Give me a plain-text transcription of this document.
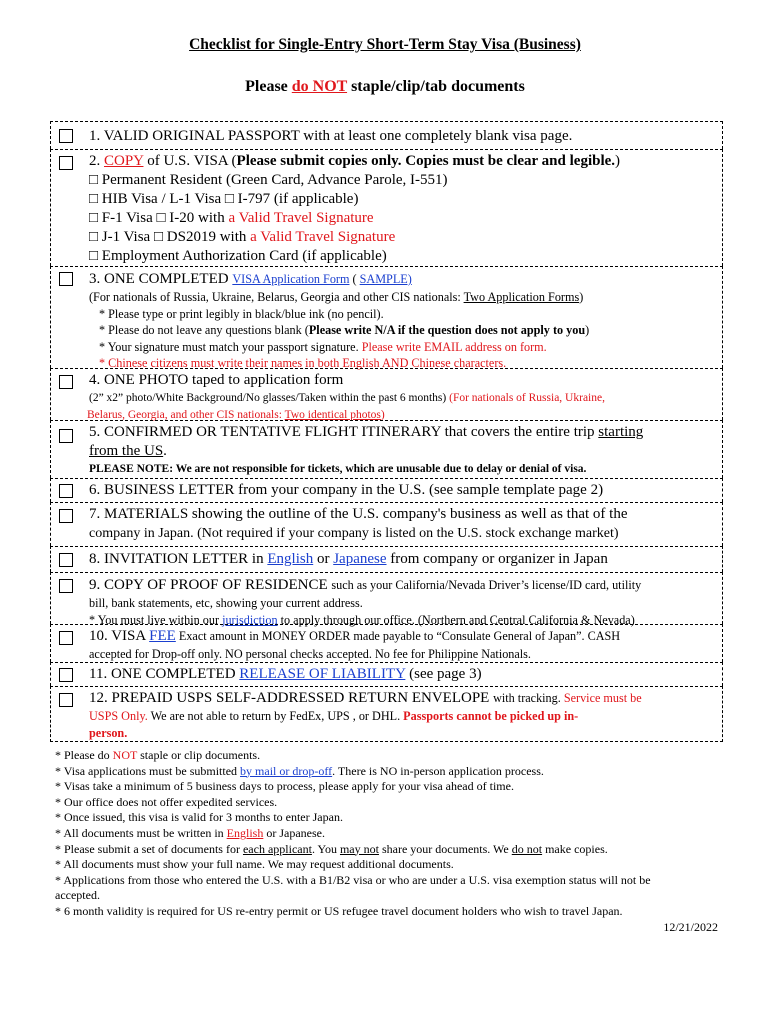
Checklist for Single-Entry Short-Term Stay Visa (Business)
Please do NOT staple/clip/tab documents
1. VALID ORIGINAL PASSPORT with at least one completely blank visa page.
2. COPY of U.S. VISA (Please submit copies only. Copies must be clear and legible.)
□ Permanent Resident (Green Card, Advance Parole, I-551)
□ HIB Visa / L-1 Visa □ I-797 (if applicable)
□ F-1 Visa □ I-20 with a Valid Travel Signature
□ J-1 Visa □ DS2019 with a Valid Travel Signature
□ Employment Authorization Card (if applicable)
3. ONE COMPLETED VISA Application Form ( SAMPLE)
(For nationals of Russia, Ukraine, Belarus, Georgia and other CIS nationals: Two Application Forms)
* Please type or print legibly in black/blue ink (no pencil).
* Please do not leave any questions blank (Please write N/A if the question does not apply to you)
* Your signature must match your passport signature. Please write EMAIL address on form.
* Chinese citizens must write their names in both English AND Chinese characters.
4. ONE PHOTO taped to application form
(2” x2” photo/White Background/No glasses/Taken within the past 6 months) (For nationals of Russia, Ukraine,
Belarus, Georgia, and other CIS nationals: Two identical photos)
5. CONFIRMED OR TENTATIVE FLIGHT ITINERARY that covers the entire trip starting
from the US.
PLEASE NOTE: We are not responsible for tickets, which are unusable due to delay or denial of visa.
6. BUSINESS LETTER from your company in the U.S. (see sample template page 2)
7. MATERIALS showing the outline of the U.S. company's business as well as that of the
company in Japan. (Not required if your company is listed on the U.S. stock exchange market)
8. INVITATION LETTER in English or Japanese from company or organizer in Japan
9. COPY OF PROOF OF RESIDENCE such as your California/Nevada Driver’s license/ID card, utility
bill, bank statements, etc, showing your current address.
* You must live within our jurisdiction to apply through our office. (Northern and Central California & Nevada)
10. VISA FEE Exact amount in MONEY ORDER made payable to “Consulate General of Japan”. CASH
accepted for Drop-off only. NO personal checks accepted. No fee for Philippine Nationals.
11. ONE COMPLETED RELEASE OF LIABILITY (see page 3)
12. PREPAID USPS SELF-ADDRESSED RETURN ENVELOPE with tracking. Service must be
USPS Only. We are not able to return by FedEx, UPS , or DHL. Passports cannot be picked up in-
person.
* Please do NOT staple or clip documents.
* Visa applications must be submitted by mail or drop-off. There is NO in-person application process.
* Visas take a minimum of 5 business days to process, please apply for your visa ahead of time.
* Our office does not offer expedited services.
* Once issued, this visa is valid for 3 months to enter Japan.
* All documents must be written in English or Japanese.
* Please submit a set of documents for each applicant. You may not share your documents. We do not make copies.
* All documents must show your full name. We may request additional documents.
* Applications from those who entered the U.S. with a B1/B2 visa or who are under a U.S. visa exemption status will not be
accepted.
* 6 month validity is required for US re-entry permit or US refugee travel document holders who wish to travel Japan.
12/21/2022
